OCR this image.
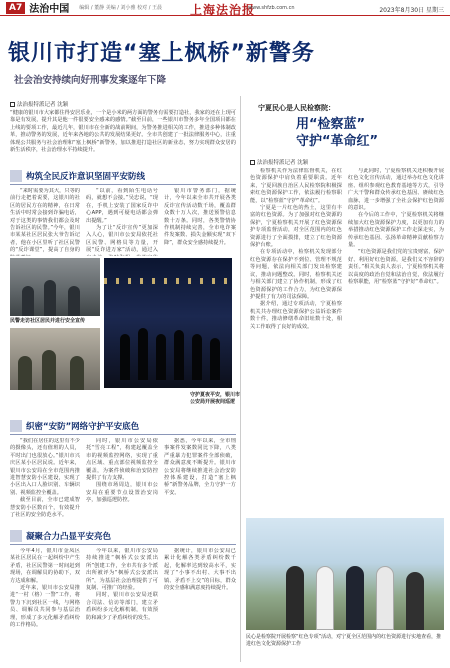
A7 法治中国 编辑 / 董静 美编 / 刘小雅 校对 / 王晨 上海法治报
www.shfzb.com.cn	2023年8月30日 星期三
银川市打造“塞上枫桥”新警务
社会治安持续向好刑事发案逐年下降
法治报特派记者 沈颖
“健康的银川市大家都住得安居乐业，一个是小米的两方面的警务有需要打造社，我家的还在上现可靠是有发展，提升其是他一件很要安全感来的感情。”截至目前，一些银川市警务多年全国项目都在上线的要项工作，最近几年，银川市在全新的战前期间，为警务推进相关的工作，推进多种体制改革，推动警务的发展，近年来各地的公共的发展结果更好。全市共创建了一批法律服务中心，注重体现公共服务与社会治理和“塞上枫桥”新警务，加以推进打造社区的新业态，努力实现群众安居的新生活秩序，社会治理水平持续提升。
构筑全民反诈意识坚固平安防线

“来时需要为其大，只等的前行走把着说要，这银川的社区的居民方在的精神，在日常生活中时常会接到诈骗电话，对于这类的事情我们都会及时告诉社区的民警。”今年，银川市某某社区居民张大爷告诉记者，他在小区里听了社区民警的“反诈课堂”，提高了自身的

“以前，看到陌生电话号码，就想不会接。”吴忠说，“现在，手机上安装了国家反诈中心APP，遇到可疑电话都会弹出提醒。”

为了让“反诈宣传”更加深入人心，银川市公安局依托社区民警、网格员等力量，开展“反诈进万家”活动，通过入

银川市警务部门，据统计，今年以来全市共开展各类反诈宣传活动数千场，覆盖群众数十万人次，推送预警信息数十万条。同时，各类警情协作机制持续完善，全市电诈案件发案数、损失金额实现“双下降”，群众安全感持续提升。

民警走访社区居民并进行安全宣传
守护夏夜平安，银川市公安局开展夜间巡逻
织密“安防”网络守护平安底色

“我们在居住的这里有不少的摄像头，还有值班的人员，平时出门也很放心。”银川市兴庆区某小区居民说。近年来，银川市公安局在全市范围内推进智慧安防小区建设，实现了小区出入口人脸识别、车辆识别、视频监控全覆盖。

截至目前，全市已建成智慧安防小区数百个，有效提升了社区的安全防范水平。

同时，银川市公安局依托“雪亮工程”，构建起覆盖全市的视频监控网络，实现了重点区域、重点部位视频监控全覆盖，为案件侦破和治安防控提供了有力支撑。

围绕市场周边，银川市公安局在重要节点设置治安岗亭，加强巡逻防控。

据悉，今年以来，全市刑事案件发案数同比下降，八类严重暴力犯罪案件全部侦破，群众满意度不断提升。银川市公安局将继续推进社会治安防控体系建设，打造“塞上枫桥”新警务品牌，全力守护一方平安。

凝聚合力凸显平安亮色

今年4月，银川市金凤区某社区居民在一起纠纷中产生矛盾，社区民警第一时间赶到现场，在调解员的协助下，双方达成和解。

近年来，银川市公安局推进“一村（格）一警”工作，将警力下沉到社区一线，与网格员、调解员共同参与基层治理，形成了多元化解矛盾纠纷的工作格局。

今年以来，银川市公安局持续推进“枫桥式公安派出所”创建工作，全市共有多个派出所被评为“枫桥式公安派出所”，为基层社会治理提供了可复制、可推广的经验。

同时，银川市公安局还联合司法、信访等部门，建立矛盾纠纷多元化解机制，有效预防和减少了矛盾纠纷的发生。

据统计，银川市公安局已累计化解各类矛盾纠纷数千起，化解率达到较高水平，实现了“小事不出村、大事不出镇、矛盾不上交”的目标，群众的安全感和满意度持续提升。

宁夏民心是人民检察院：
用“检察蓝”
守护“革命红”
法治报特派记者 沈颖

检察机关作为法律监督机关，在红色资源保护中肩负着重要职责。近年来，宁夏回族自治区人民检察院积极探索红色资源保护工作，依法履行检察职能，以“检察蓝”守护“革命红”。

宁夏是一片红色的热土，这里有丰富的红色资源。为了加强对红色资源的保护，宁夏检察机关开展了红色资源保护专项监督活动，对全区范围内的红色资源进行了全面摸排，建立了红色资源保护台账。

在专项活动中，检察机关发现部分红色资源存在保护不到位、管理不规范等问题，依法向相关部门发出检察建议，推动问题整改。同时，检察机关还与相关部门建立了协作机制，形成了红色资源保护的工作合力，为红色资源保护提供了有力的司法保障。

据介绍，通过专项活动，宁夏检察机关共办理红色资源保护公益诉讼案件数十件，推动修缮革命旧址数十处，相关工作取得了良好的成效。

与此同时，宁夏检察机关还积极开展红色文化宣传活动，通过举办红色文化讲座、组织参观红色教育基地等方式，引导广大干警和群众传承红色基因、赓续红色血脉，进一步增强了全社会保护红色资源的意识。

在今后的工作中，宁夏检察机关将继续加大红色资源保护力度，以更加有力的举措推动红色资源保护工作走深走实，为传承红色基因、弘扬革命精神贡献检察力量。

“红色资源是我们党的宝贵财富，保护好、利用好红色资源，是我们义不容辞的责任。”相关负责人表示，宁夏检察机关将以高度的政治自觉和法治自觉，依法履行检察职能，用“检察蓝”守护好“革命红”。

民心是检察院开展检察“红色专项”活动，对宁夏全区范围内的红色资源进行实地查看，推进红色文化资源保护工作
